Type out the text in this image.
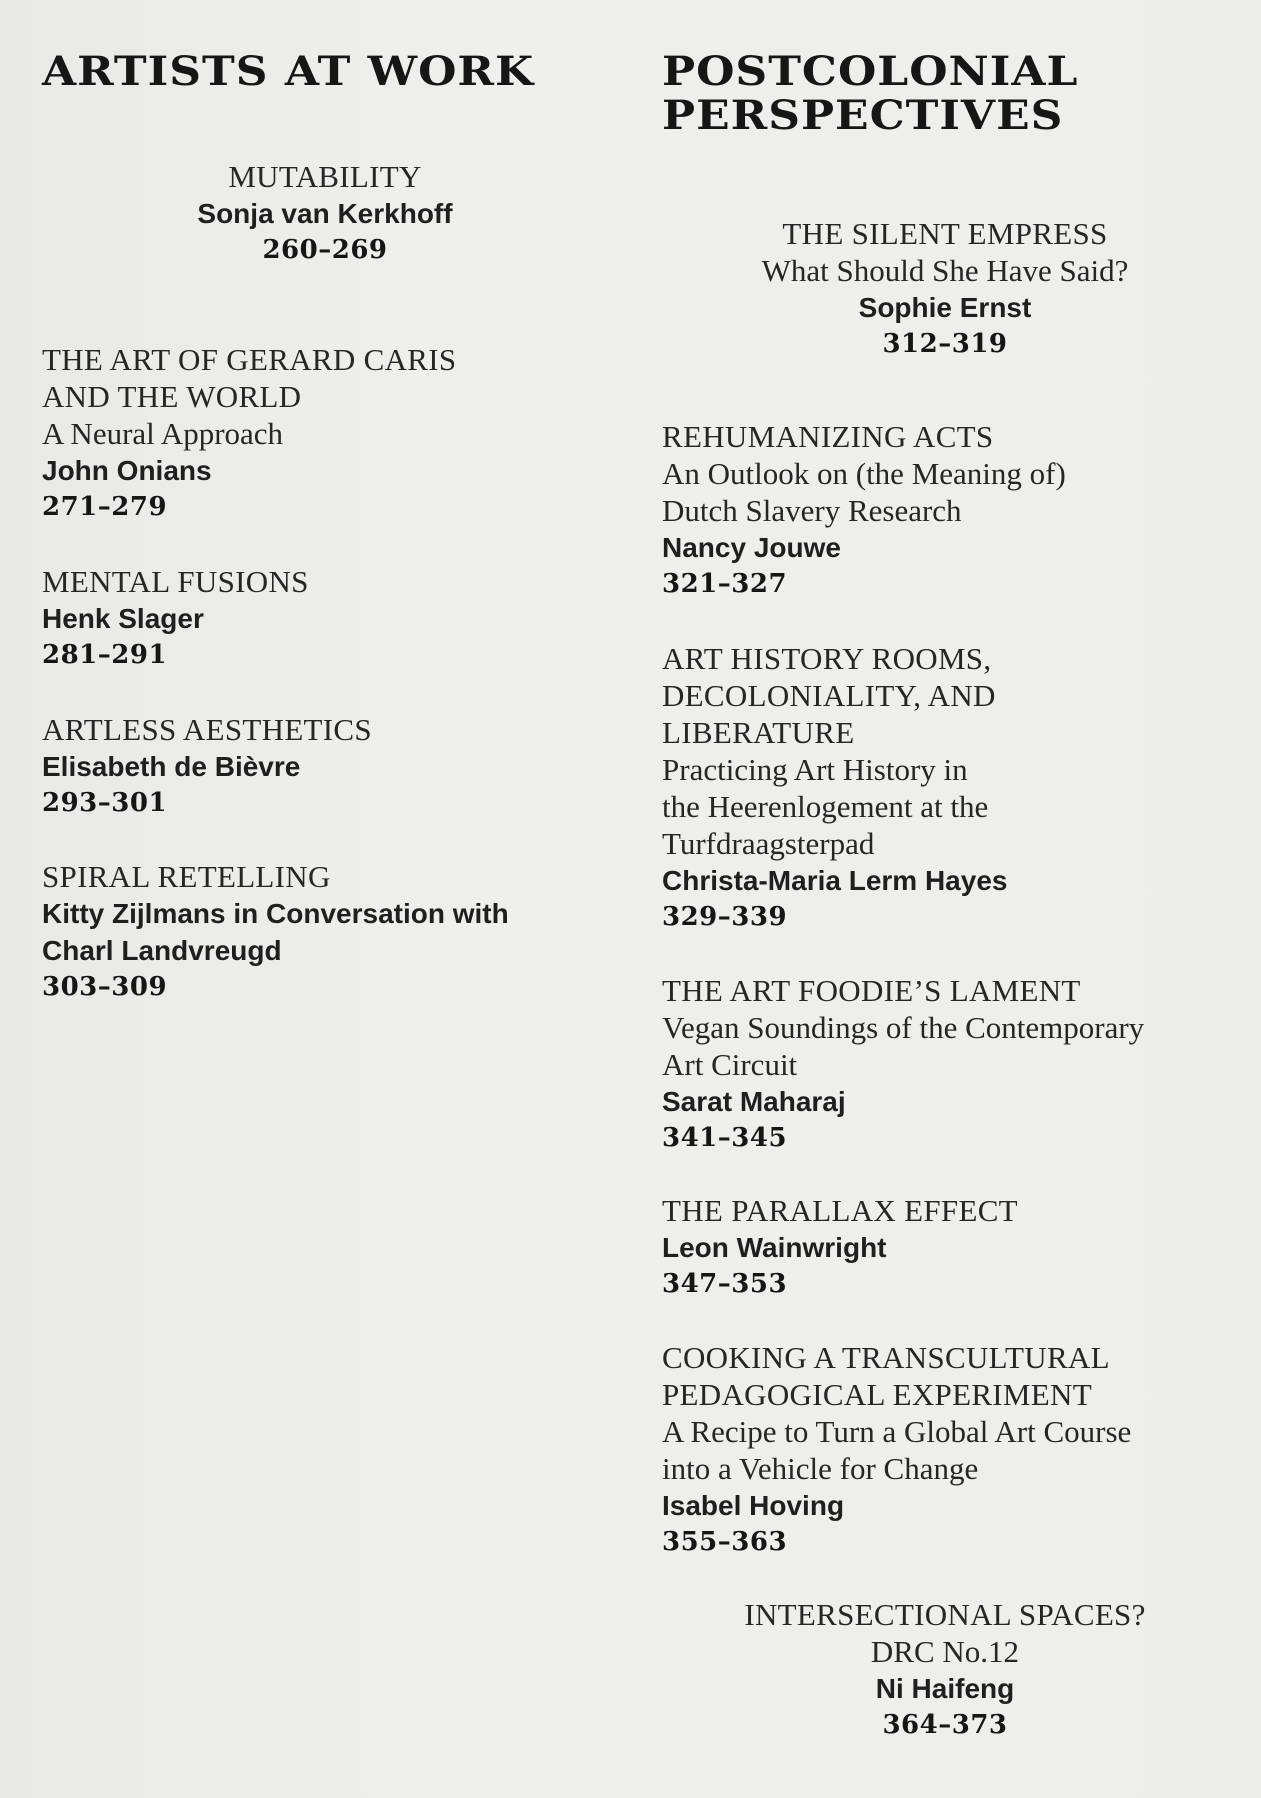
ARTISTS AT WORK
MUTABILITY
Sonja van Kerkhoff
260–269
THE ART OF GERARD CARIS
AND THE WORLD
A Neural Approach
John Onians
271–279
MENTAL FUSIONS
Henk Slager
281–291
ARTLESS AESTHETICS
Elisabeth de Bièvre
293–301
SPIRAL RETELLING
Kitty Zijlmans in Conversation with
Charl Landvreugd
303–309
POSTCOLONIAL
PERSPECTIVES
THE SILENT EMPRESS
What Should She Have Said?
Sophie Ernst
312–319
REHUMANIZING ACTS
An Outlook on (the Meaning of)
Dutch Slavery Research
Nancy Jouwe
321–327
ART HISTORY ROOMS,
DECOLONIALITY, AND
LIBERATURE
Practicing Art History in
the Heerenlogement at the
Turfdraagsterpad
Christa-Maria Lerm Hayes
329–339
THE ART FOODIE’S LAMENT
Vegan Soundings of the Contemporary
Art Circuit
Sarat Maharaj
341–345
THE PARALLAX EFFECT
Leon Wainwright
347–353
COOKING A TRANSCULTURAL
PEDAGOGICAL EXPERIMENT
A Recipe to Turn a Global Art Course
into a Vehicle for Change
Isabel Hoving
355–363
INTERSECTIONAL SPACES?
DRC No.12
Ni Haifeng
364–373
